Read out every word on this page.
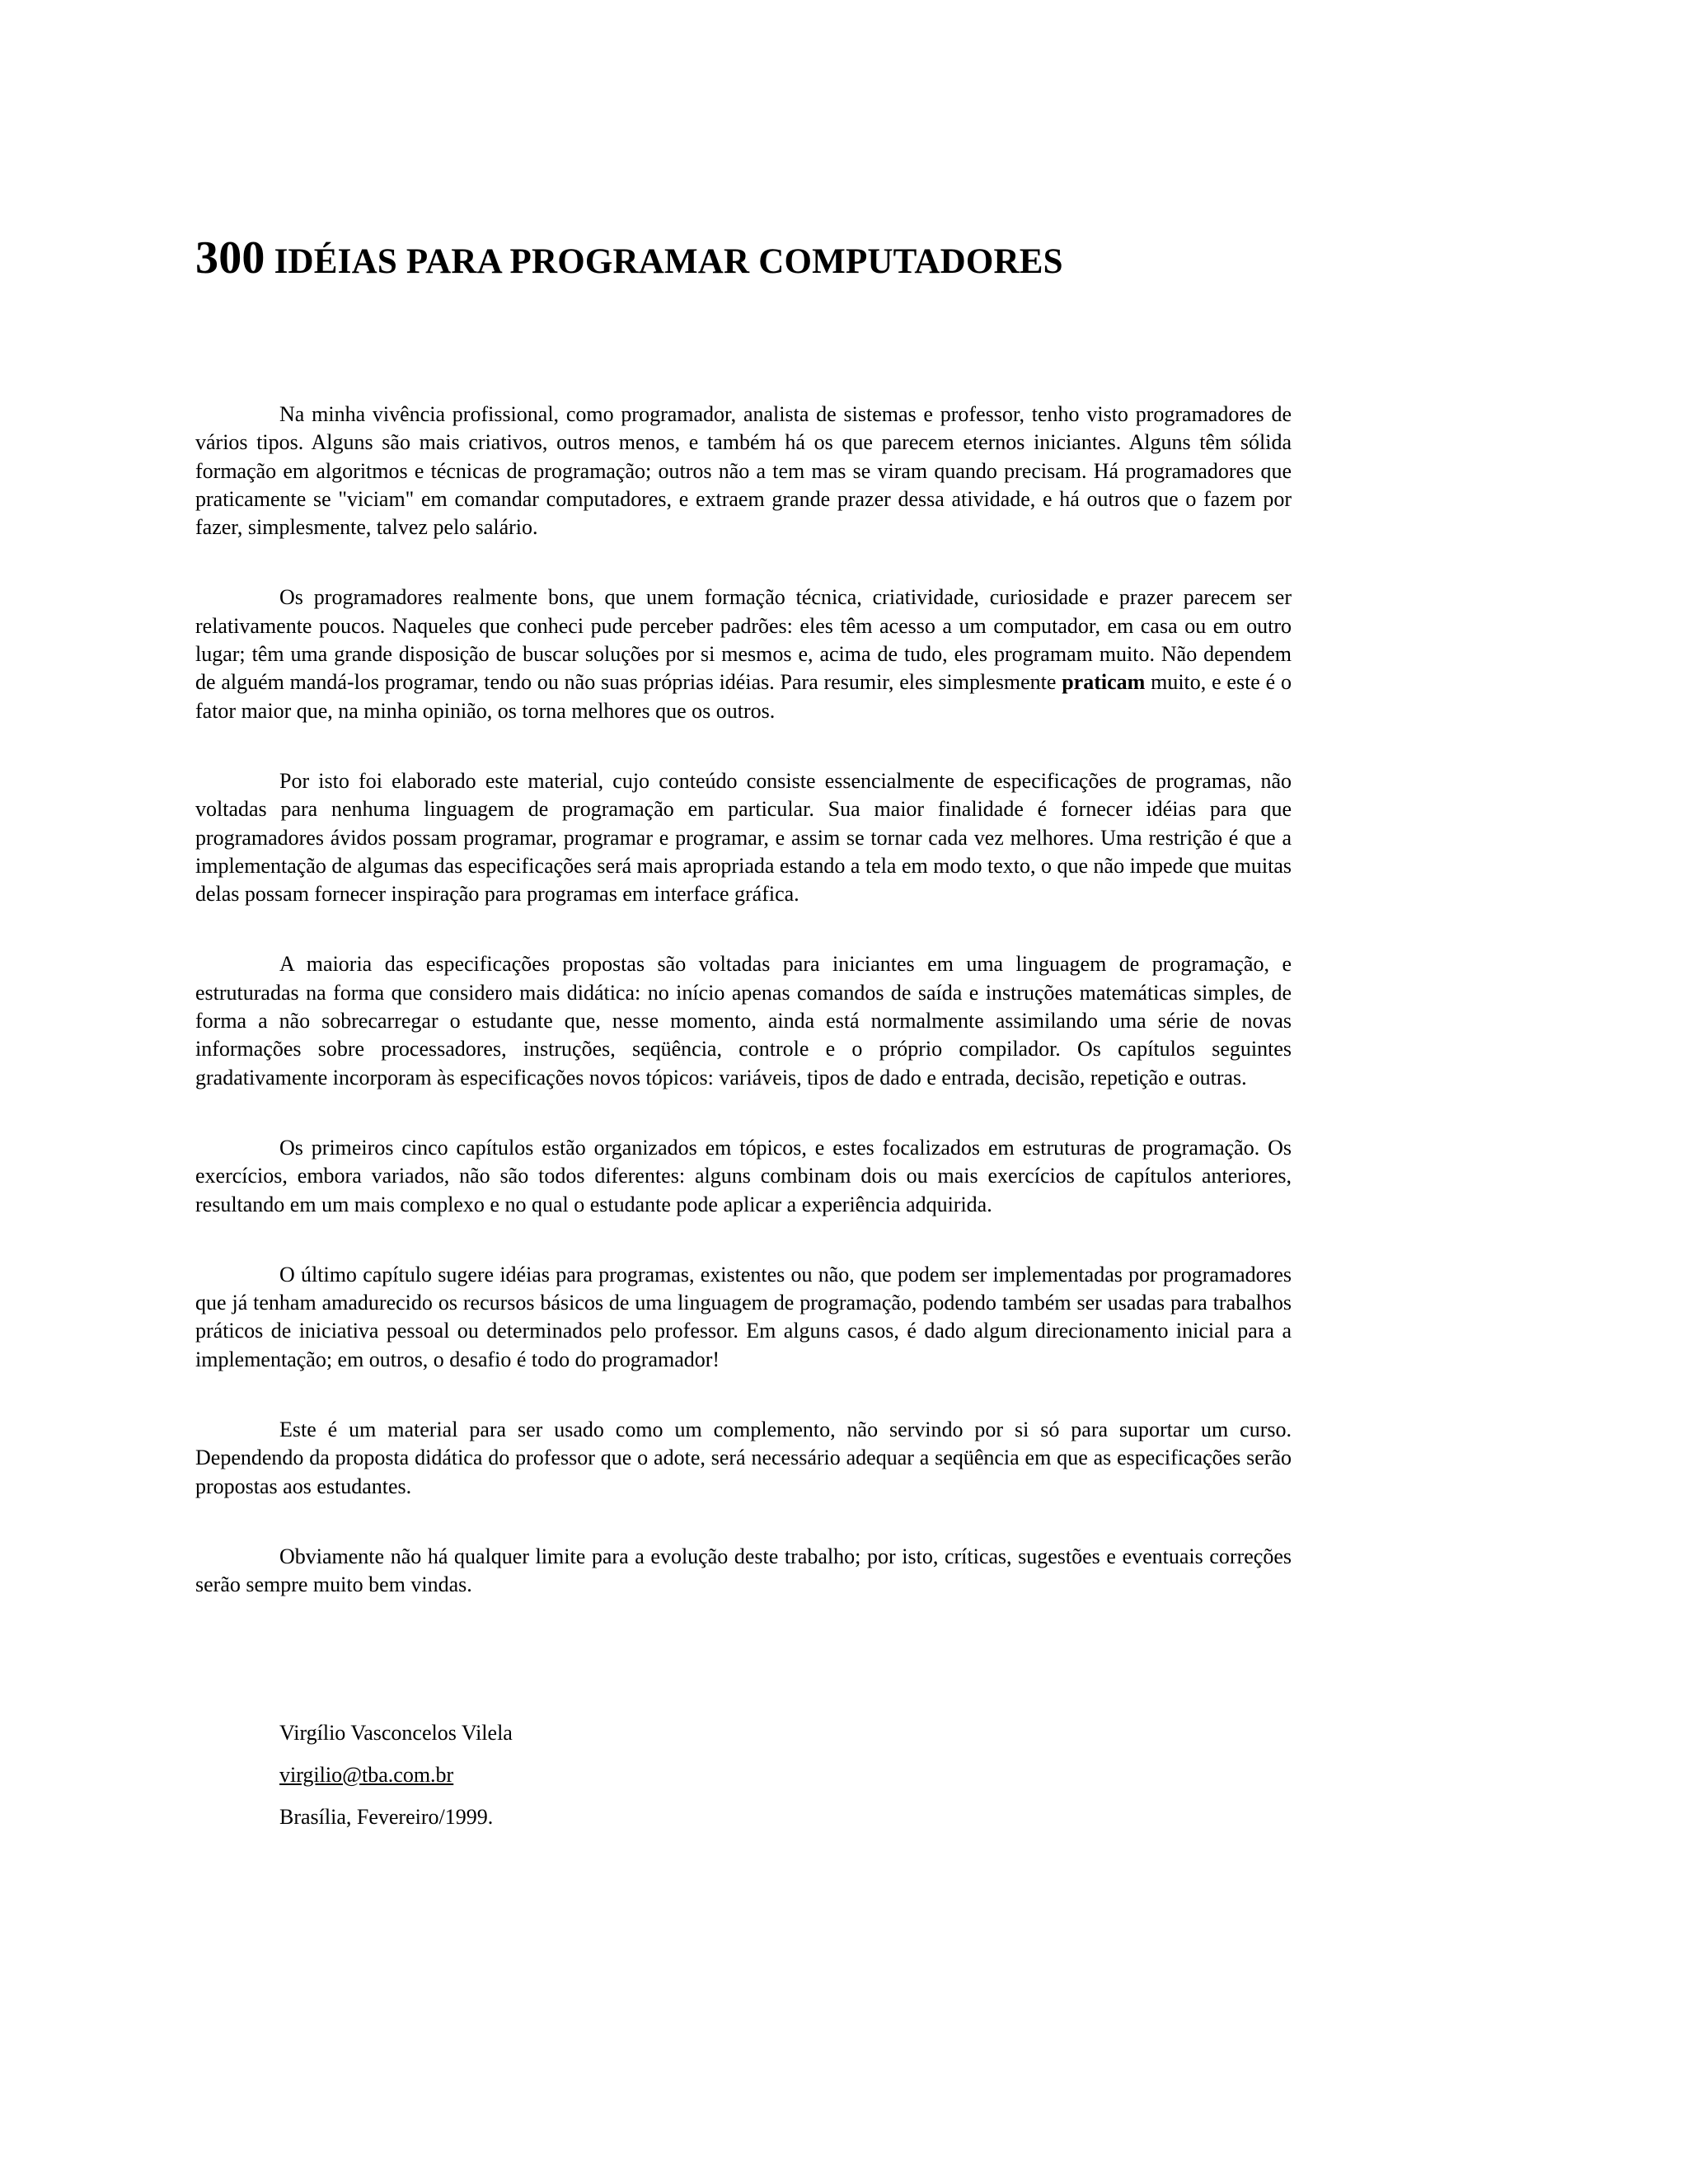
300 IDÉIAS PARA PROGRAMAR COMPUTADORES

Na minha vivência profissional, como programador, analista de sistemas e professor, tenho visto programadores de vários tipos. Alguns são mais criativos, outros menos, e também há os que parecem eternos iniciantes. Alguns têm sólida formação em algoritmos e técnicas de programação; outros não a tem mas se viram quando precisam. Há programadores que praticamente se "viciam" em comandar computadores, e extraem grande prazer dessa atividade, e há outros que o fazem por fazer, simplesmente, talvez pelo salário.

Os programadores realmente bons, que unem formação técnica, criatividade, curiosidade e prazer parecem ser relativamente poucos. Naqueles que conheci pude perceber padrões: eles têm acesso a um computador, em casa ou em outro lugar; têm uma grande disposição de buscar soluções por si mesmos e, acima de tudo, eles programam muito. Não dependem de alguém mandá-los programar, tendo ou não suas próprias idéias. Para resumir, eles simplesmente praticam muito, e este é o fator maior que, na minha opinião, os torna melhores que os outros.

Por isto foi elaborado este material, cujo conteúdo consiste essencialmente de especificações de programas, não voltadas para nenhuma linguagem de programação em particular. Sua maior finalidade é fornecer idéias para que programadores ávidos possam programar, programar e programar, e assim se tornar cada vez melhores. Uma restrição é que a implementação de algumas das especificações será mais apropriada estando a tela em modo texto, o que não impede que muitas delas possam fornecer inspiração para programas em interface gráfica.

A maioria das especificações propostas são voltadas para iniciantes em uma linguagem de programação, e estruturadas na forma que considero mais didática: no início apenas comandos de saída e instruções matemáticas simples, de forma a não sobrecarregar o estudante que, nesse momento, ainda está normalmente assimilando uma série de novas informações sobre processadores, instruções, seqüência, controle e o próprio compilador. Os capítulos seguintes gradativamente incorporam às especificações novos tópicos: variáveis, tipos de dado e entrada, decisão, repetição e outras.

Os primeiros cinco capítulos estão organizados em tópicos, e estes focalizados em estruturas de programação. Os exercícios, embora variados, não são todos diferentes: alguns combinam dois ou mais exercícios de capítulos anteriores, resultando em um mais complexo e no qual o estudante pode aplicar a experiência adquirida.

O último capítulo sugere idéias para programas, existentes ou não, que podem ser implementadas por programadores que já tenham amadurecido os recursos básicos de uma linguagem de programação, podendo também ser usadas para trabalhos práticos de iniciativa pessoal ou determinados pelo professor. Em alguns casos, é dado algum direcionamento inicial para a implementação; em outros, o desafio é todo do programador!

Este é um material para ser usado como um complemento, não servindo por si só para suportar um curso. Dependendo da proposta didática do professor que o adote, será necessário adequar a seqüência em que as especificações serão propostas aos estudantes.

Obviamente não há qualquer limite para a evolução deste trabalho; por isto, críticas, sugestões e eventuais correções serão sempre muito bem vindas.

Virgílio Vasconcelos Vilela
virgilio@tba.com.br
Brasília, Fevereiro/1999.
